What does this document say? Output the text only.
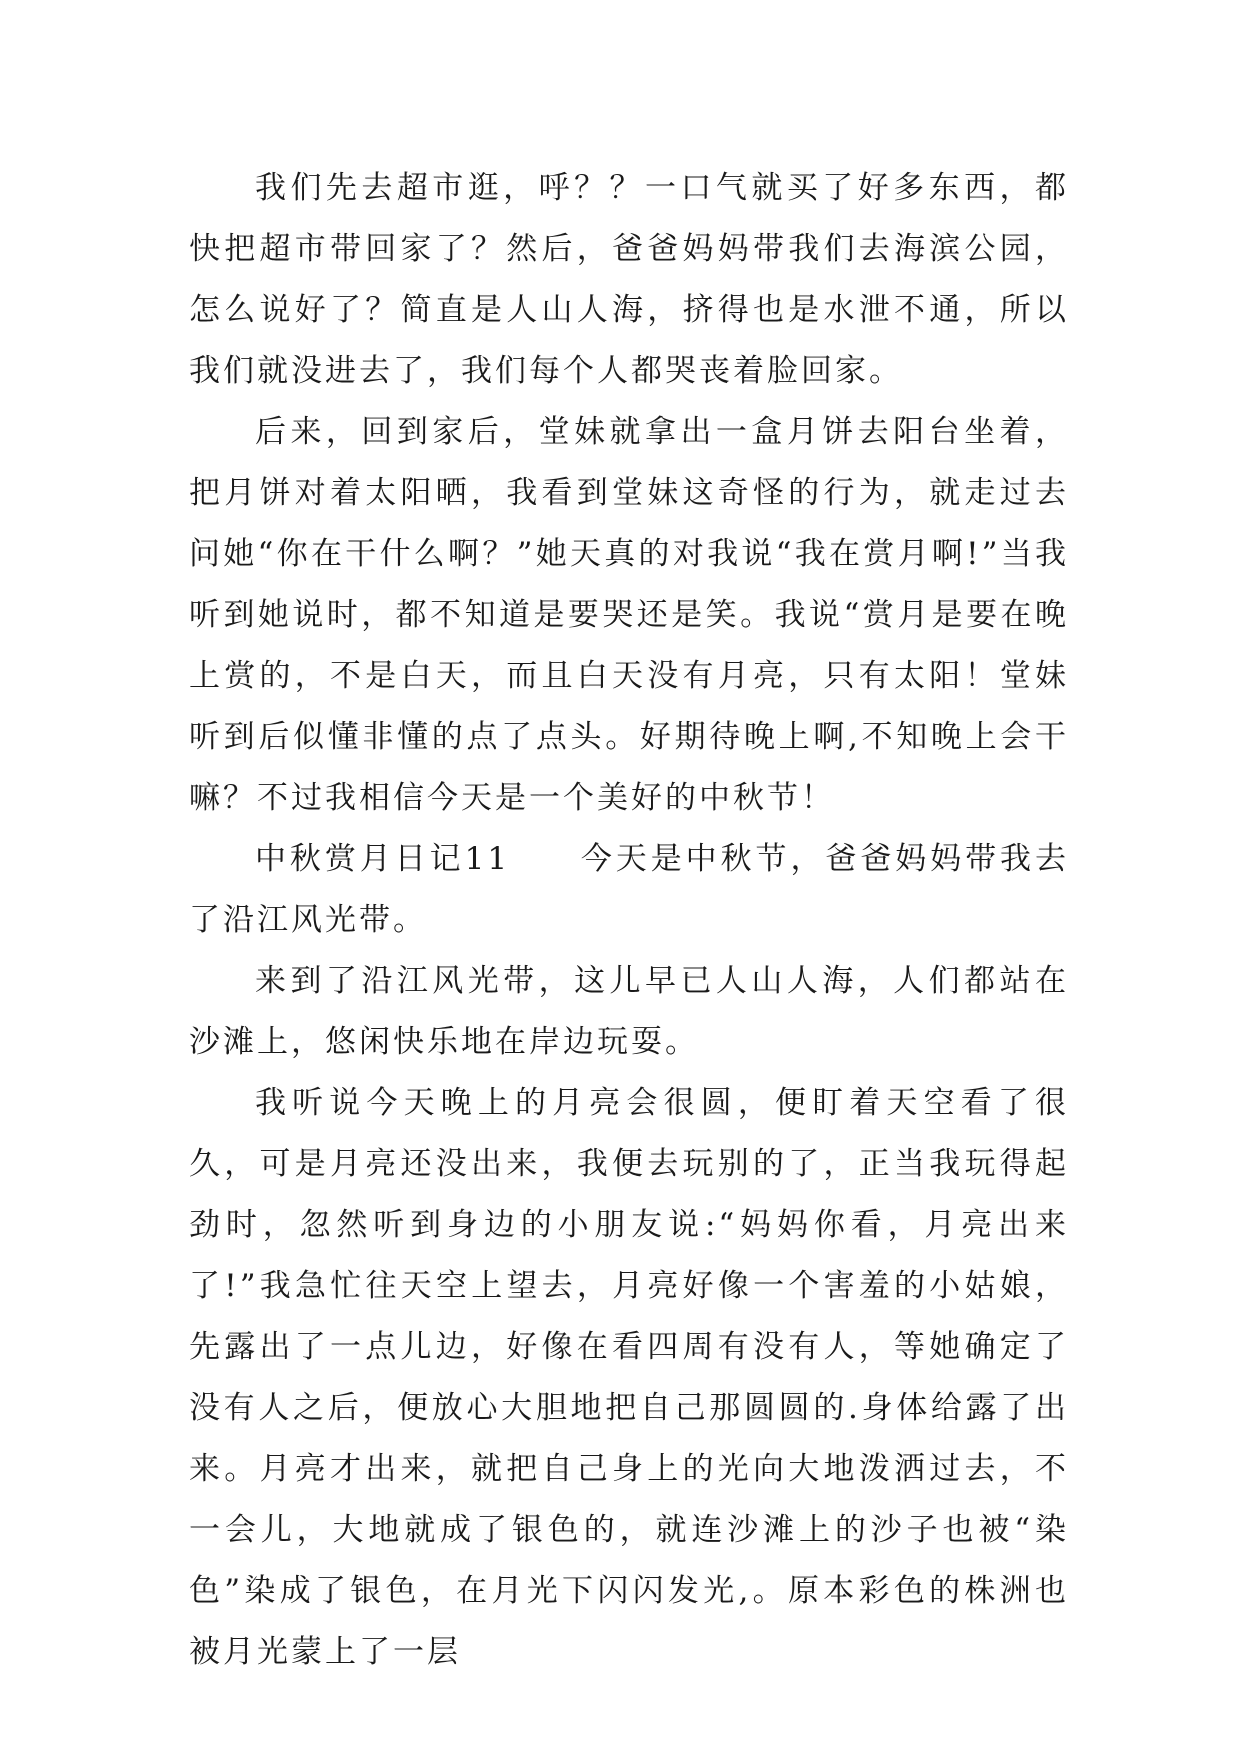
我们先去超市逛，呼？？一口气就买了好多东西，都快把超市带回家了？然后，爸爸妈妈带我们去海滨公园，怎么说好了？简直是人山人海，挤得也是水泄不通，所以我们就没进去了，我们每个人都哭丧着脸回家。

后来，回到家后，堂妹就拿出一盒月饼去阳台坐着，把月饼对着太阳晒，我看到堂妹这奇怪的行为，就走过去问她“你在干什么啊？”她天真的对我说“我在赏月啊!”当我听到她说时，都不知道是要哭还是笑。我说“赏月是要在晚上赏的，不是白天，而且白天没有月亮，只有太阳！堂妹听到后似懂非懂的点了点头。好期待晚上啊,不知晚上会干嘛？不过我相信今天是一个美好的中秋节！

中秋赏月日记11　　今天是中秋节，爸爸妈妈带我去了沿江风光带。

来到了沿江风光带，这儿早已人山人海，人们都站在沙滩上，悠闲快乐地在岸边玩耍。

我听说今天晚上的月亮会很圆，便盯着天空看了很久，可是月亮还没出来，我便去玩别的了，正当我玩得起劲时，忽然听到身边的小朋友说:“妈妈你看，月亮出来了!”我急忙往天空上望去，月亮好像一个害羞的小姑娘，先露出了一点儿边，好像在看四周有没有人，等她确定了没有人之后，便放心大胆地把自己那圆圆的.身体给露了出来。月亮才出来，就把自己身上的光向大地泼洒过去，不一会儿，大地就成了银色的，就连沙滩上的沙子也被“染色”染成了银色，在月光下闪闪发光,。原本彩色的株洲也被月光蒙上了一层
